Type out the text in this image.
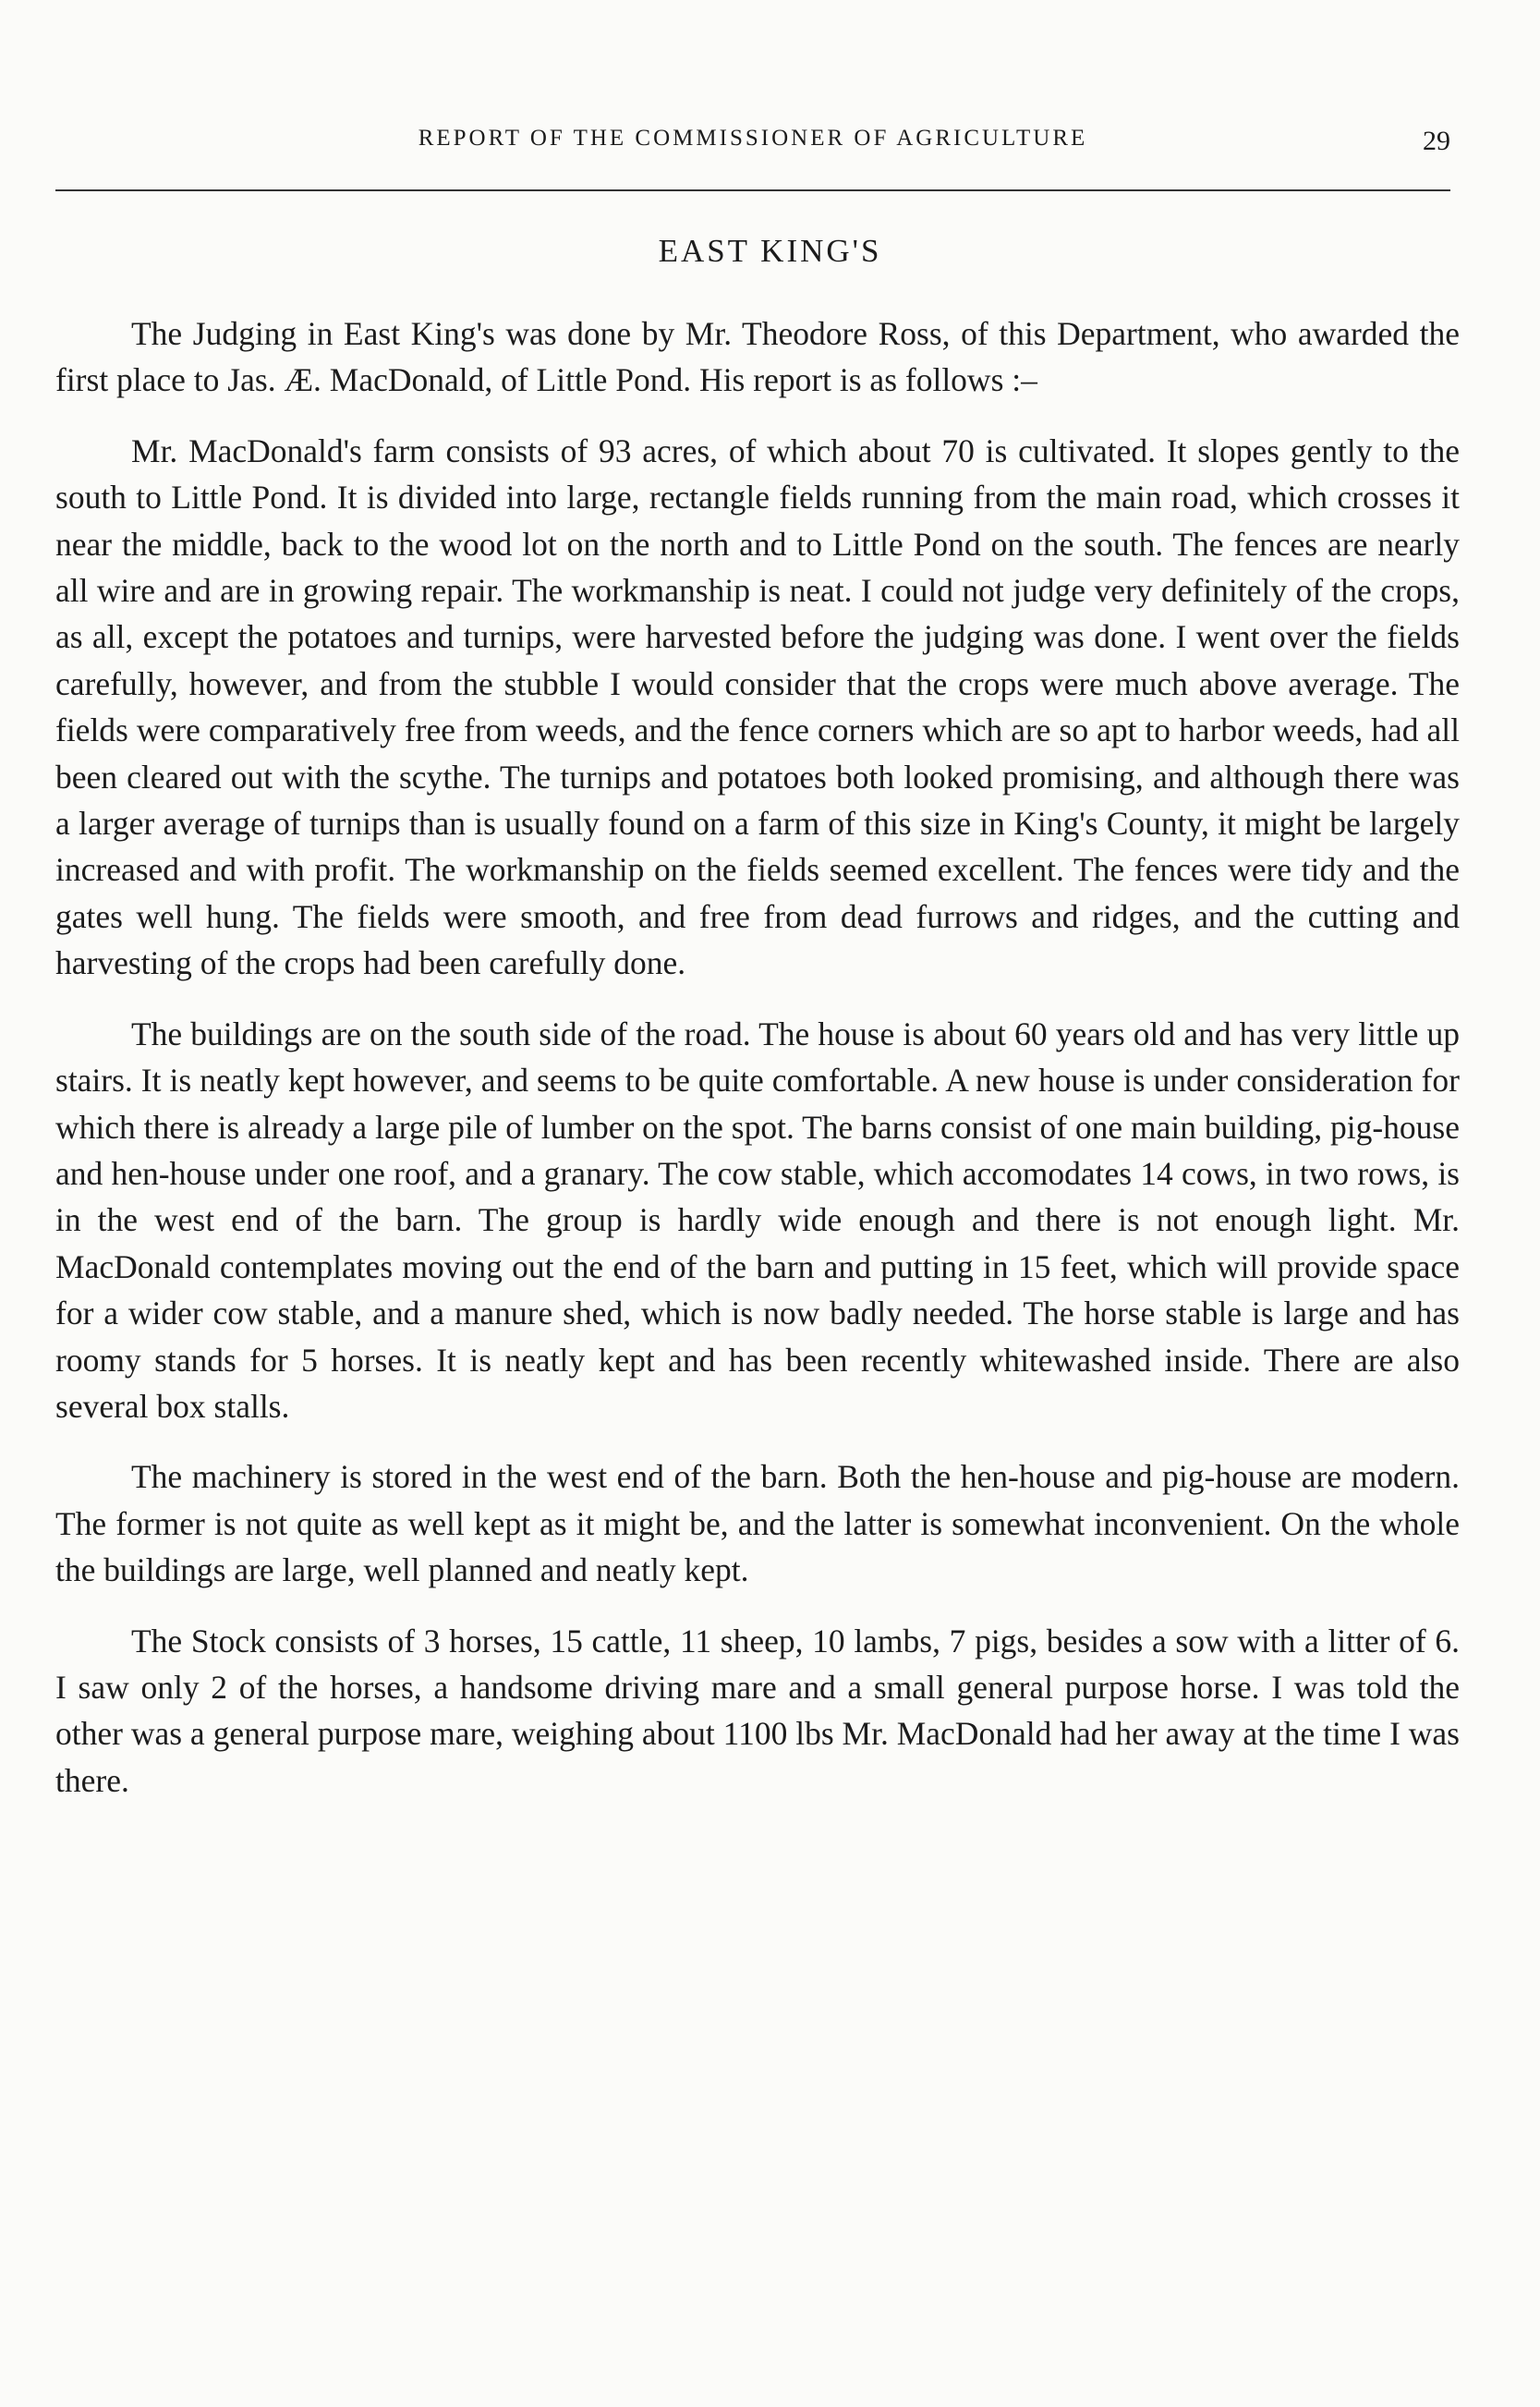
REPORT OF THE COMMISSIONER OF AGRICULTURE	29
EAST KING'S

The Judging in East King's was done by Mr. Theodore Ross, of this Department, who awarded the first place to Jas. Æ. MacDonald, of Little Pond. His report is as follows :–

Mr. MacDonald's farm consists of 93 acres, of which about 70 is cultivated. It slopes gently to the south to Little Pond. It is divided into large, rectangle fields running from the main road, which crosses it near the middle, back to the wood lot on the north and to Little Pond on the south. The fences are nearly all wire and are in growing repair. The workmanship is neat. I could not judge very definitely of the crops, as all, except the potatoes and turnips, were harvested before the judging was done. I went over the fields carefully, however, and from the stubble I would consider that the crops were much above average. The fields were comparatively free from weeds, and the fence corners which are so apt to harbor weeds, had all been cleared out with the scythe. The turnips and potatoes both looked promising, and although there was a larger average of turnips than is usually found on a farm of this size in King's County, it might be largely increased and with profit. The workmanship on the fields seemed excellent. The fences were tidy and the gates well hung. The fields were smooth, and free from dead furrows and ridges, and the cutting and harvesting of the crops had been carefully done.

The buildings are on the south side of the road. The house is about 60 years old and has very little up stairs. It is neatly kept however, and seems to be quite comfortable. A new house is under consideration for which there is already a large pile of lumber on the spot. The barns consist of one main building, pig-house and hen-house under one roof, and a granary. The cow stable, which accomodates 14 cows, in two rows, is in the west end of the barn. The group is hardly wide enough and there is not enough light. Mr. MacDonald contemplates moving out the end of the barn and putting in 15 feet, which will provide space for a wider cow stable, and a manure shed, which is now badly needed. The horse stable is large and has roomy stands for 5 horses. It is neatly kept and has been recently whitewashed inside. There are also several box stalls.

The machinery is stored in the west end of the barn. Both the hen-house and pig-house are modern. The former is not quite as well kept as it might be, and the latter is somewhat inconvenient. On the whole the buildings are large, well planned and neatly kept.

The Stock consists of 3 horses, 15 cattle, 11 sheep, 10 lambs, 7 pigs, besides a sow with a litter of 6. I saw only 2 of the horses, a handsome driving mare and a small general purpose horse. I was told the other was a general purpose mare, weighing about 1100 lbs Mr. MacDonald had her away at the time I was there.
